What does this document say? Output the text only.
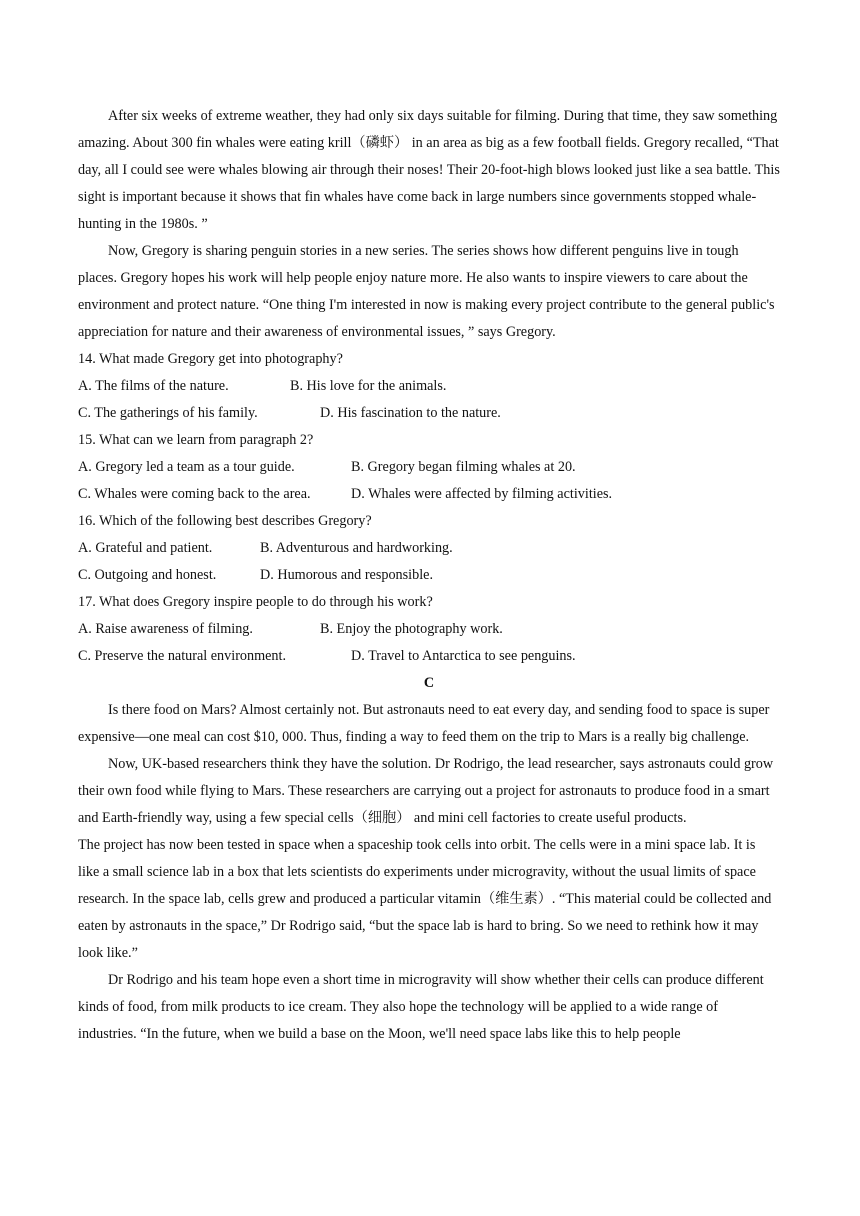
After six weeks of extreme weather, they had only six days suitable for filming. During that time, they saw something amazing. About 300 fin whales were eating krill（磷虾） in an area as big as a few football fields. Gregory recalled, “That day, all I could see were whales blowing air through their noses! Their 20-foot-high blows looked just like a sea battle. This sight is important because it shows that fin whales have come back in large numbers since governments stopped whale-hunting in the 1980s. ”

Now, Gregory is sharing penguin stories in a new series. The series shows how different penguins live in tough places. Gregory hopes his work will help people enjoy nature more. He also wants to inspire viewers to care about the environment and protect nature. “One thing I'm interested in now is making every project contribute to the general public's appreciation for nature and their awareness of environmental issues, ” says Gregory.

14. What made Gregory get into photography?

A. The films of the nature.	B. His love for the animals.
C. The gatherings of his family.	D. His fascination to the nature.

15. What can we learn from paragraph 2?

A. Gregory led a team as a tour guide.	B. Gregory began filming whales at 20.
C. Whales were coming back to the area.	D. Whales were affected by filming activities.

16. Which of the following best describes Gregory?

A. Grateful and patient.	B. Adventurous and hardworking.
C. Outgoing and honest.	D. Humorous and responsible.

17. What does Gregory inspire people to do through his work?

A. Raise awareness of filming.	B. Enjoy the photography work.
C. Preserve the natural environment.	D. Travel to Antarctica to see penguins.

C

Is there food on Mars? Almost certainly not. But astronauts need to eat every day, and sending food to space is super expensive—one meal can cost $10, 000. Thus, finding a way to feed them on the trip to Mars is a really big challenge.

Now, UK-based researchers think they have the solution. Dr Rodrigo, the lead researcher, says astronauts could grow their own food while flying to Mars. These researchers are carrying out a project for astronauts to produce food in a smart and Earth-friendly way, using a few special cells（细胞） and mini cell factories to create useful products.

The project has now been tested in space when a spaceship took cells into orbit. The cells were in a mini space lab. It is like a small science lab in a box that lets scientists do experiments under microgravity, without the usual limits of space research. In the space lab, cells grew and produced a particular vitamin（维生素）. “This material could be collected and eaten by astronauts in the space,” Dr Rodrigo said, “but the space lab is hard to bring. So we need to rethink how it may look like.”

Dr Rodrigo and his team hope even a short time in microgravity will show whether their cells can produce different kinds of food, from milk products to ice cream. They also hope the technology will be applied to a wide range of industries. “In the future, when we build a base on the Moon, we'll need space labs like this to help people
